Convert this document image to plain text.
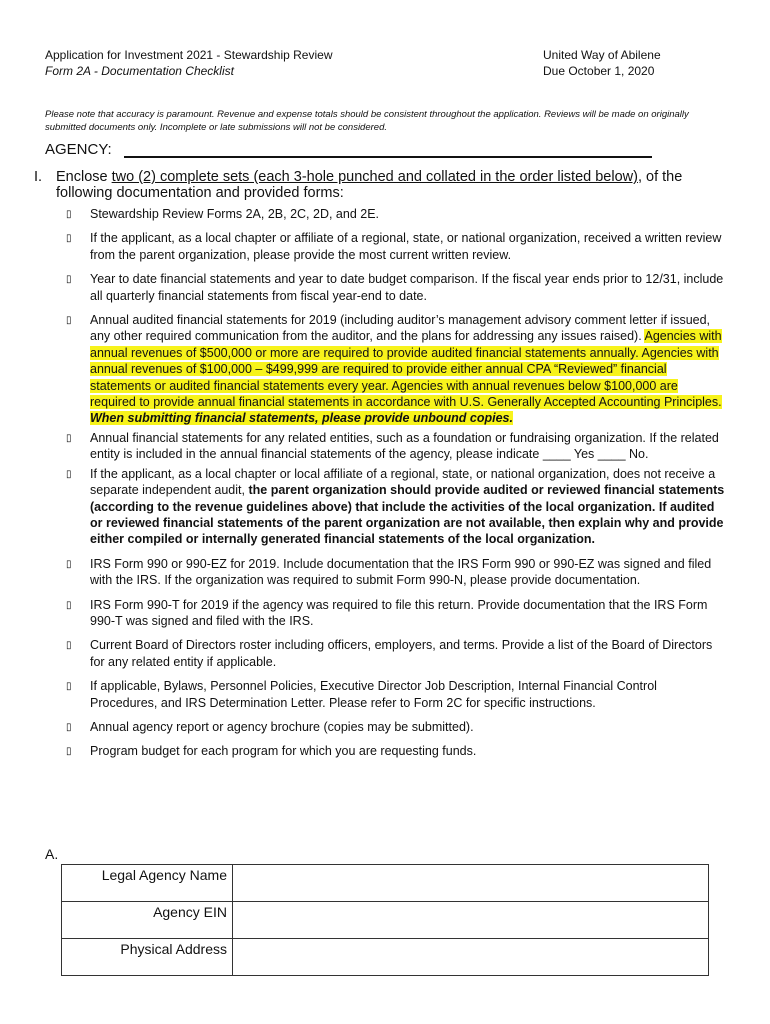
Application for Investment 2021 - Stewardship Review
Form 2A - Documentation Checklist
United Way of Abilene
Due October 1, 2020
Please note that accuracy is paramount. Revenue and expense totals should be consistent throughout the application. Reviews will be made on originally submitted documents only. Incomplete or late submissions will not be considered.
AGENCY:
I. Enclose two (2) complete sets (each 3-hole punched and collated in the order listed below), of the following documentation and provided forms:
▯ Stewardship Review Forms 2A, 2B, 2C, 2D, and 2E.
▯ If the applicant, as a local chapter or affiliate of a regional, state, or national organization, received a written review from the parent organization, please provide the most current written review.
▯ Year to date financial statements and year to date budget comparison. If the fiscal year ends prior to 12/31, include all quarterly financial statements from fiscal year-end to date.
▯ Annual audited financial statements for 2019 (including auditor’s management advisory comment letter if issued, any other required communication from the auditor, and the plans for addressing any issues raised). Agencies with annual revenues of $500,000 or more are required to provide audited financial statements annually. Agencies with annual revenues of $100,000 – $499,999 are required to provide either annual CPA “Reviewed” financial statements or audited financial statements every year. Agencies with annual revenues below $100,000 are required to provide annual financial statements in accordance with U.S. Generally Accepted Accounting Principles. When submitting financial statements, please provide unbound copies.
▯ Annual financial statements for any related entities, such as a foundation or fundraising organization. If the related entity is included in the annual financial statements of the agency, please indicate ____ Yes ____ No.
▯ If the applicant, as a local chapter or local affiliate of a regional, state, or national organization, does not receive a separate independent audit, the parent organization should provide audited or reviewed financial statements (according to the revenue guidelines above) that include the activities of the local organization. If audited or reviewed financial statements of the parent organization are not available, then explain why and provide either compiled or internally generated financial statements of the local organization.
▯ IRS Form 990 or 990-EZ for 2019. Include documentation that the IRS Form 990 or 990-EZ was signed and filed with the IRS. If the organization was required to submit Form 990-N, please provide documentation.
▯ IRS Form 990-T for 2019 if the agency was required to file this return. Provide documentation that the IRS Form 990-T was signed and filed with the IRS.
▯ Current Board of Directors roster including officers, employers, and terms. Provide a list of the Board of Directors for any related entity if applicable.
▯ If applicable, Bylaws, Personnel Policies, Executive Director Job Description, Internal Financial Control Procedures, and IRS Determination Letter. Please refer to Form 2C for specific instructions.
▯ Annual agency report or agency brochure (copies may be submitted).
▯ Program budget for each program for which you are requesting funds.
A.
Legal Agency Name	
Agency EIN	
Physical Address	
